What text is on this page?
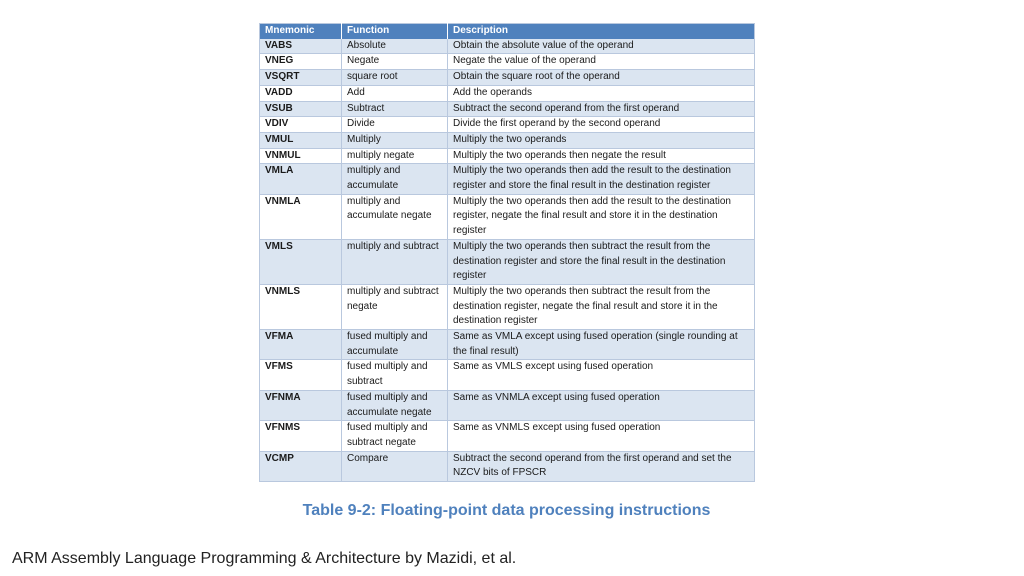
Mnemonic	Function	Description
VABS	Absolute	Obtain the absolute value of the operand
VNEG	Negate	Negate the value of the operand
VSQRT	square root	Obtain the square root of the operand
VADD	Add	Add the operands
VSUB	Subtract	Subtract the second operand from the first operand
VDIV	Divide	Divide the first operand by the second operand
VMUL	Multiply	Multiply the two operands
VNMUL	multiply negate	Multiply the two operands then negate the result
VMLA	multiply and accumulate	Multiply the two operands then add the result to the destination register and store the final result in the destination register
VNMLA	multiply and accumulate negate	Multiply the two operands then add the result to the destination register, negate the final result and store it in the destination register
VMLS	multiply and subtract	Multiply the two operands then subtract the result from the destination register and store the final result in the destination register
VNMLS	multiply and subtract negate	Multiply the two operands then subtract the result from the destination register, negate the final result and store it in the destination register
VFMA	fused multiply and accumulate	Same as VMLA except using fused operation (single rounding at the final result)
VFMS	fused multiply and subtract	Same as VMLS except using fused operation
VFNMA	fused multiply and accumulate negate	Same as VNMLA except using fused operation
VFNMS	fused multiply and subtract negate	Same as VNMLS except using fused operation
VCMP	Compare	Subtract the second operand from the first operand and set the NZCV bits of FPSCR
Table 9-2: Floating-point data processing instructions
ARM Assembly Language Programming & Architecture by Mazidi, et al.
